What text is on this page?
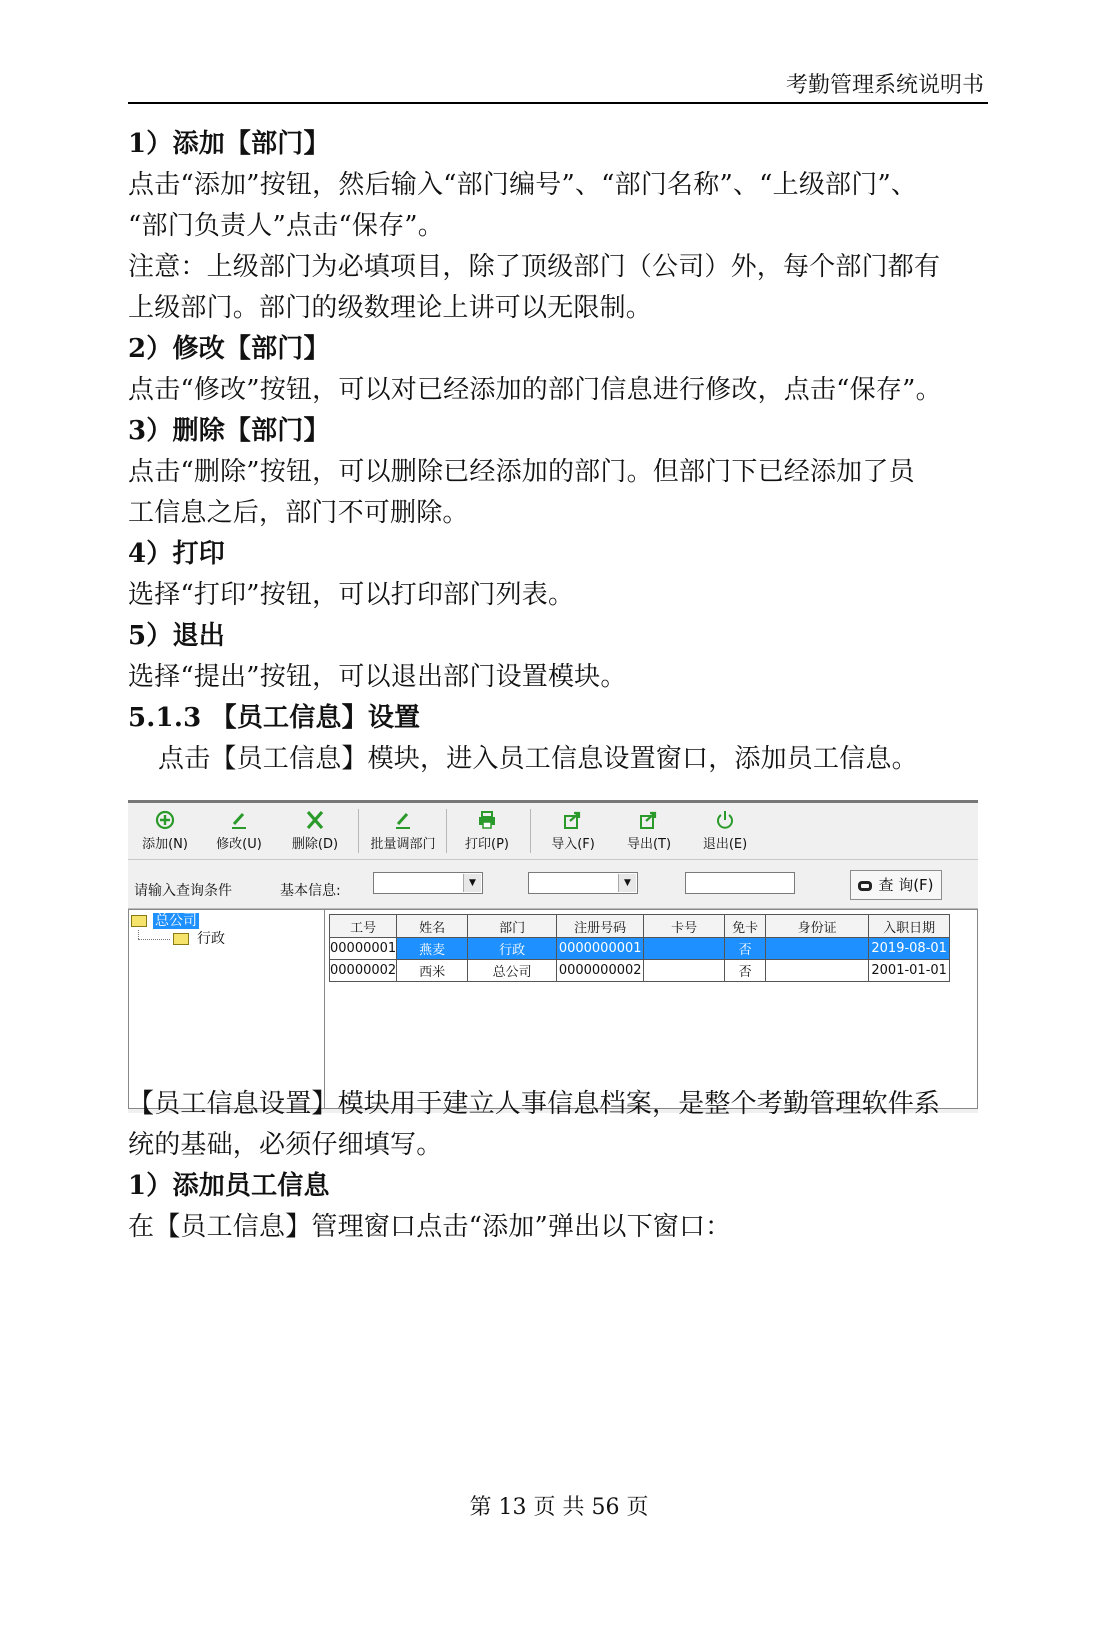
考勤管理系统说明书
1）添加【部门】
点击“添加”按钮，然后输入“部门编号”、“部门名称”、“上级部门”、
“部门负责人”点击“保存”。
注意：上级部门为必填项目，除了顶级部门（公司）外，每个部门都有
上级部门。部门的级数理论上讲可以无限制。
2）修改【部门】
点击“修改”按钮，可以对已经添加的部门信息进行修改，点击“保存”。
3）删除【部门】
点击“删除”按钮，可以删除已经添加的部门。但部门下已经添加了员
工信息之后，部门不可删除。
4）打印
选择“打印”按钮，可以打印部门列表。
5）退出
选择“提出”按钮，可以退出部门设置模块。
5.1.3 【员工信息】设置
点击【员工信息】模块，进入员工信息设置窗口，添加员工信息。
添加(N)	修改(U)	删除(D)	批量调部门	打印(P)	导入(F)	导出(T)	退出(E)
请输入查询条件	基本信息:	▼	▼	查 询(F)
总公司
行政
工号	姓名	部门	注册号码	卡号	免卡	身份证	入职日期
00000001	燕麦	行政	0000000001		否		2019-08-01
00000002	西米	总公司	0000000002		否		2001-01-01
【员工信息设置】模块用于建立人事信息档案，是整个考勤管理软件系
统的基础，必须仔细填写。
1）添加员工信息
在【员工信息】管理窗口点击“添加”弹出以下窗口：
第 13 页 共 56 页
